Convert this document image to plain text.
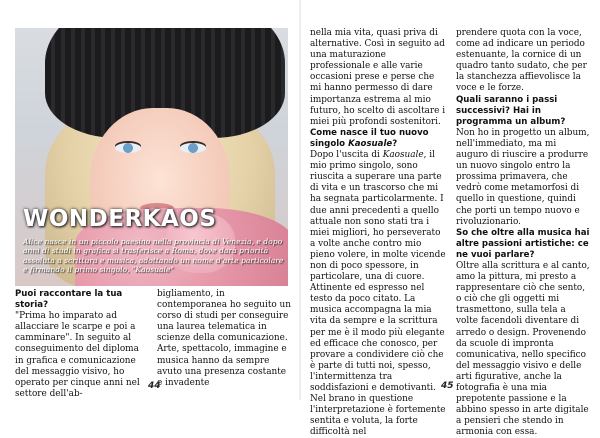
WONDERKAOS
Alice nasce in un piccolo paesino nella provincia di Venezia, e dopo anni di studi in grafica si trasferisce a Roma, dove darà priorità assoluta a scrittura e musica, adottando un nome d'arte particolare e firmando il primo singolo, "Kaosuale"

Puoi raccontare la tua storia?

"Prima ho imparato ad allacciare le scarpe e poi a camminare". In seguito al conseguimento del diploma in grafica e comunicazione del messaggio visivo, ho operato per cinque anni nel settore dell'ab-

bigliamento, in contemporanea ho seguito un corso di studi per conseguire una laurea telematica in scienze della comunicazione. Arte, spettacolo, immagine e musica hanno da sempre avuto una presenza costante e invadente

nella mia vita, quasi priva di alternative. Così in seguito ad una maturazione professionale e alle varie occasioni prese e perse che mi hanno permesso di dare importanza estrema al mio futuro, ho scelto di ascoltare i miei più profondi sostenitori.

Come nasce il tuo nuovo singolo Kaosuale?

Dopo l'uscita di Kaosuale, il mio primo singolo, sono riuscita a superare una parte di vita e un trascorso che mi ha segnata particolarmente. I due anni precedenti a quello attuale non sono stati tra i miei migliori, ho perseverato a volte anche contro mio pieno volere, in molte vicende non di poco spessore, in particolare, una di cuore. Attinente ed espresso nel testo da poco citato. La musica accompagna la mia vita da sempre e la scrittura per me è il modo più elegante ed efficace che conosco, per provare a condividere ciò che è parte di tutti noi, spesso, l'intermittenza tra soddisfazioni e demotivanti. Nel brano in questione l'interpretazione è fortemente sentita e voluta, la forte difficoltà nel

prendere quota con la voce, come ad indicare un periodo estenuante, la cornice di un quadro tanto sudato, che per la stanchezza affievolisce la voce e le forze.

Quali saranno i passi successivi? Hai in programma un album?

Non ho in progetto un album, nell'immediato, ma mi auguro di riuscire a produrre un nuovo singolo entro la prossima primavera, che vedrò come metamorfosi di quello in questione, quindi che porti un tempo nuovo e rivoluzionario.

So che oltre alla musica hai altre passioni artistiche: ce ne vuoi parlare?

Oltre alla scrittura e al canto, amo la pittura, mi presto a rappresentare ciò che sento, o ciò che gli oggetti mi trasmettono, sulla tela a volte facendoli diventare di arredo o design. Provenendo da scuole di impronta comunicativa, nello specifico del messaggio visivo e delle arti figurative, anche la fotografia è una mia prepotente passione e la abbino spesso in arte digitale a pensieri che stendo in armonia con essa.

44	45
